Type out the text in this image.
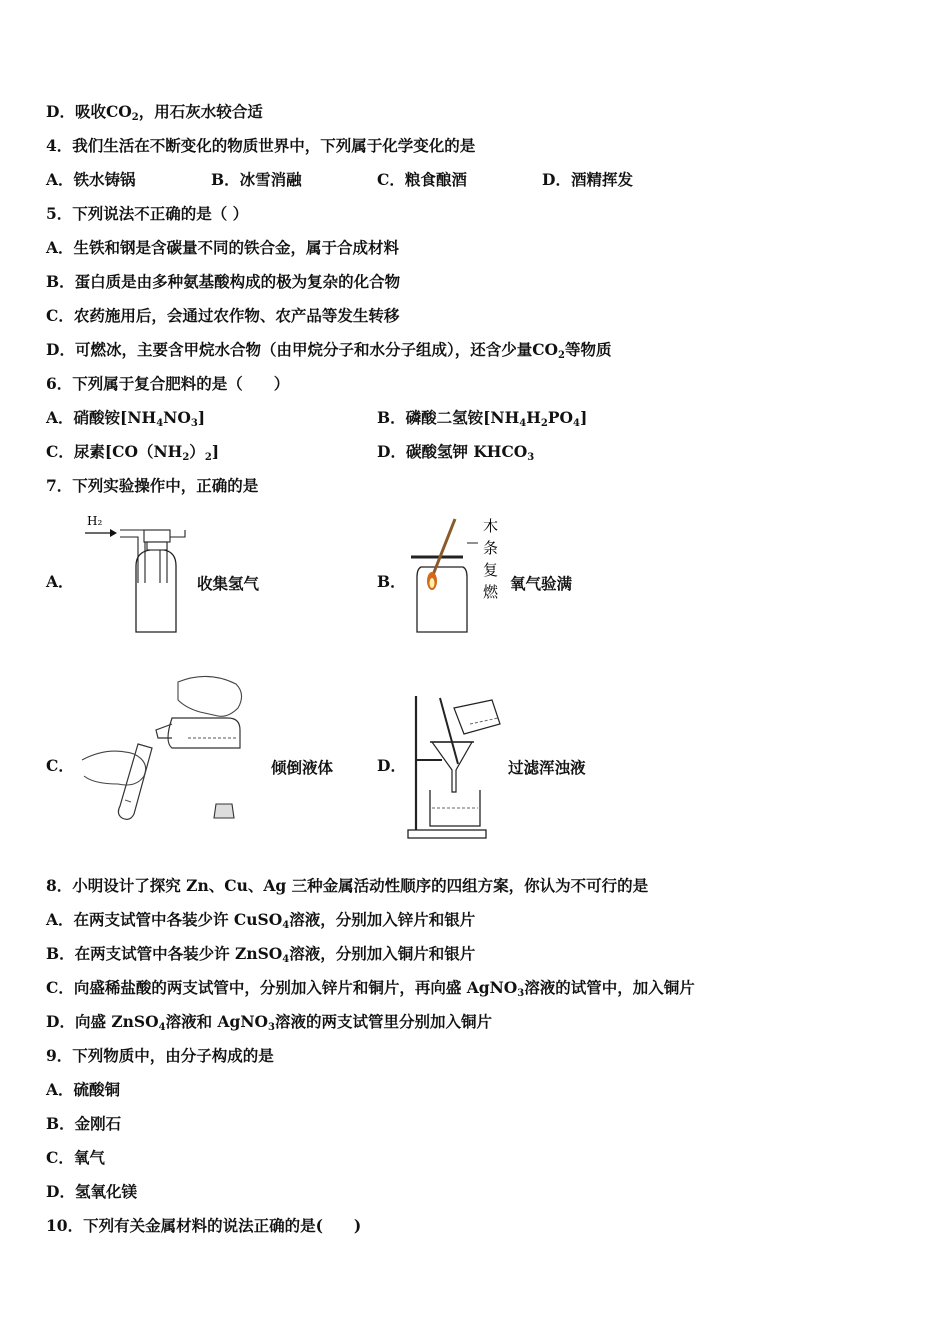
D．吸收$CO_2$，用石灰水较合适
4．我们生活在不断变化的物质世界中，下列属于化学变化的是
A．铁水铸锅	B．冰雪消融	C．粮食酿酒	D．酒精挥发
5．下列说法不正确的是（ ）
A．生铁和钢是含碳量不同的铁合金，属于合成材料
B．蛋白质是由多种氨基酸构成的极为复杂的化合物
C．农药施用后，会通过农作物、农产品等发生转移
D．可燃冰，主要含甲烷水合物（由甲烷分子和水分子组成），还含少量$CO_2$等物质
6．下列属于复合肥料的是（　　）
A．硝酸铵$[NH_4NO_3]$	B．磷酸二氢铵$[NH_4H_2PO_4]$
C．尿素$[CO(NH_2)_2]$	D．碳酸氢钾 $KHCO_3$
7．下列实验操作中，正确的是
A．
H₂
收集氢气	B．
木
条
复
燃 氧气验满
C．	倾倒液体	D．	过滤浑浊液
8．小明设计了探究 Zn、Cu、Ag 三种金属活动性顺序的四组方案，你认为不可行的是
A．在两支试管中各装少许 CuSO$_4$溶液，分别加入锌片和银片
B．在两支试管中各装少许 ZnSO$_4$溶液，分别加入铜片和银片
C．向盛稀盐酸的两支试管中，分别加入锌片和铜片，再向盛 AgNO$_3$溶液的试管中，加入铜片
D．向盛 ZnSO$_4$溶液和 AgNO$_3$溶液的两支试管里分别加入铜片
9．下列物质中，由分子构成的是
A．硫酸铜
B．金刚石
C．氧气
D．氢氧化镁
10．下列有关金属材料的说法正确的是(　　)
